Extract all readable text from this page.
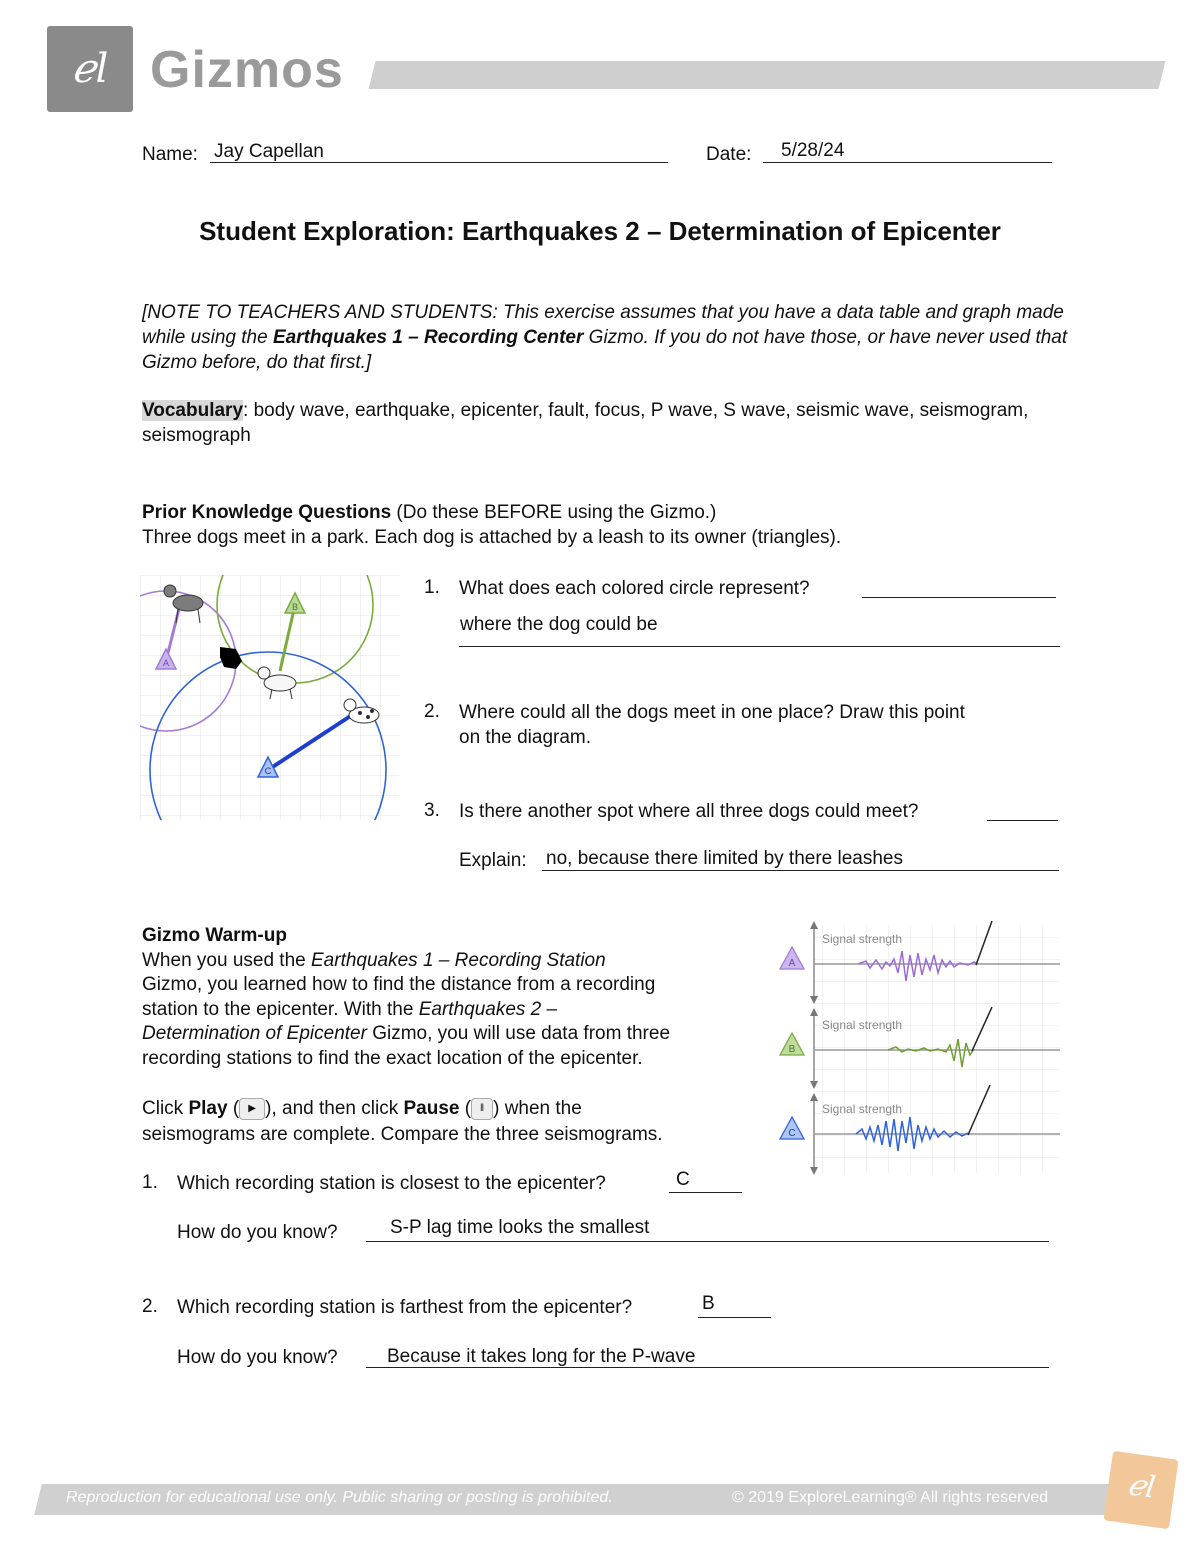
ℯl Gizmos
Name: Jay Capellan	Date: 5/28/24
Student Exploration: Earthquakes 2 – Determination of Epicenter
[NOTE TO TEACHERS AND STUDENTS: This exercise assumes that you have a data table and graph made while using the Earthquakes 1 – Recording Center Gizmo. If you do not have those, or have never used that Gizmo before, do that first.]
Vocabulary: body wave, earthquake, epicenter, fault, focus, P wave, S wave, seismic wave, seismogram, seismograph
Prior Knowledge Questions (Do these BEFORE using the Gizmo.)
Three dogs meet in a park. Each dog is attached by a leash to its owner (triangles).
A
B
C
1. What does each colored circle represent?
where the dog could be
2. Where could all the dogs meet in one place? Draw this point
on the diagram.
3. Is there another spot where all three dogs could meet?
Explain: no, because there limited by there leashes
Gizmo Warm-up
When you used the Earthquakes 1 – Recording Station
Gizmo, you learned how to find the distance from a recording
station to the epicenter. With the Earthquakes 2 –
Determination of Epicenter Gizmo, you will use data from three
recording stations to find the exact location of the epicenter.
Click Play ( ▶ ), and then click Pause ( ‖ ) when the
seismograms are complete. Compare the three seismograms.
Signal strength
A
Signal strength
B
Signal strength
C
1. Which recording station is closest to the epicenter?	C
How do you know?	S-P lag time looks the smallest
2. Which recording station is farthest from the epicenter?	B
How do you know?	Because it takes long for the P-wave
Reproduction for educational use only. Public sharing or posting is prohibited.	© 2019 ExploreLearning® All rights reserved	ℯl
